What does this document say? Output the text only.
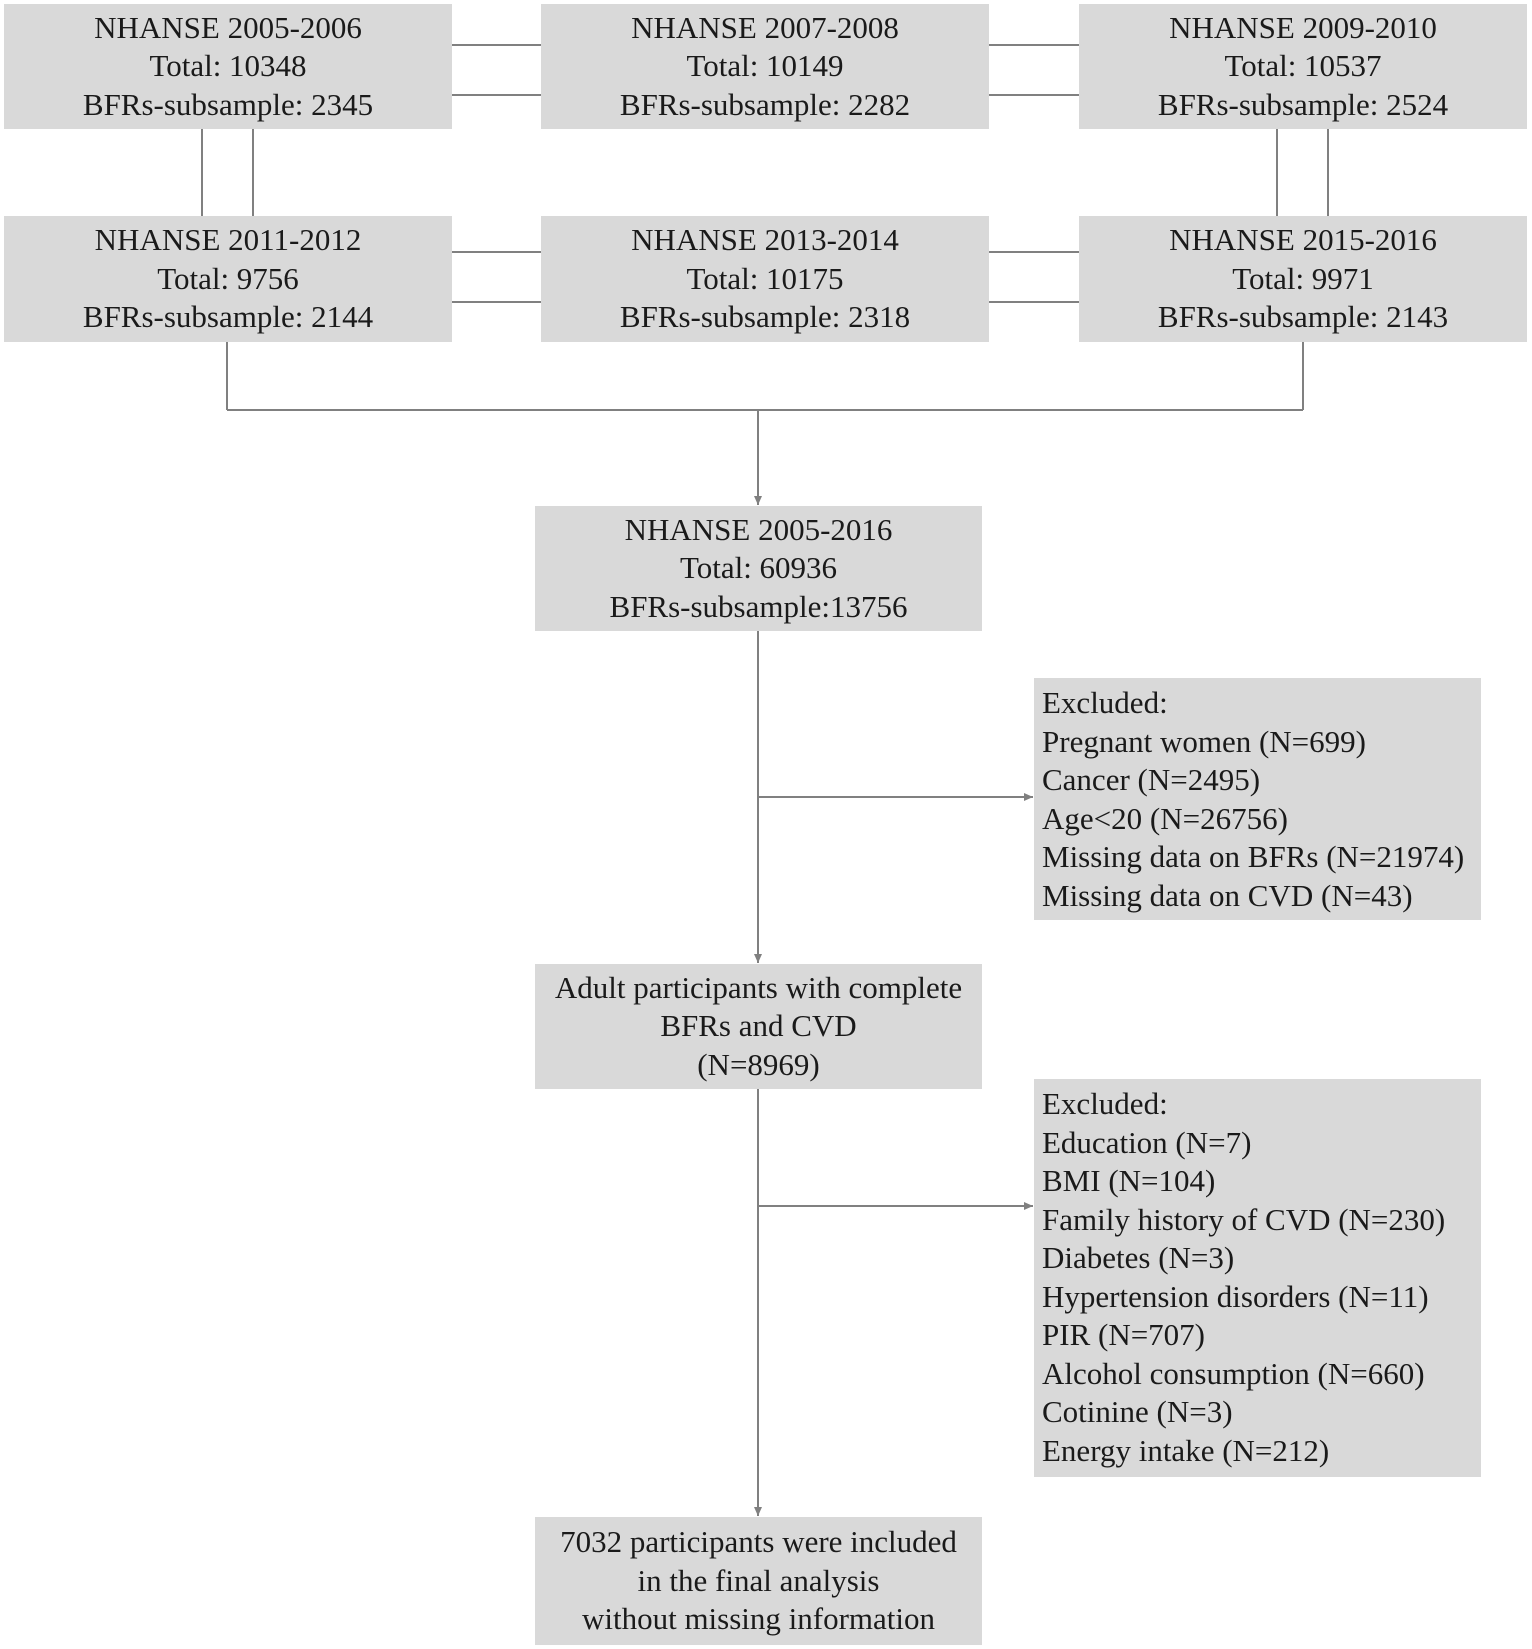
NHANSE 2005-2006
Total: 10348
BFRs-subsample: 2345
NHANSE 2007-2008
Total: 10149
BFRs-subsample: 2282
NHANSE 2009-2010
Total: 10537
BFRs-subsample: 2524
NHANSE 2011-2012
Total: 9756
BFRs-subsample: 2144
NHANSE 2013-2014
Total: 10175
BFRs-subsample: 2318
NHANSE 2015-2016
Total: 9971
BFRs-subsample: 2143
NHANSE 2005-2016
Total: 60936
BFRs-subsample:13756
Excluded:
Pregnant women (N=699)
Cancer (N=2495)
Age<20 (N=26756)
Missing data on BFRs (N=21974)
Missing data on CVD (N=43)
Adult participants with complete
BFRs and CVD
(N=8969)
Excluded:
Education (N=7)
BMI (N=104)
Family history of CVD (N=230)
Diabetes (N=3)
Hypertension disorders (N=11)
PIR (N=707)
Alcohol consumption (N=660)
Cotinine (N=3)
Energy intake (N=212)
7032 participants were included
in the final analysis
without missing information
